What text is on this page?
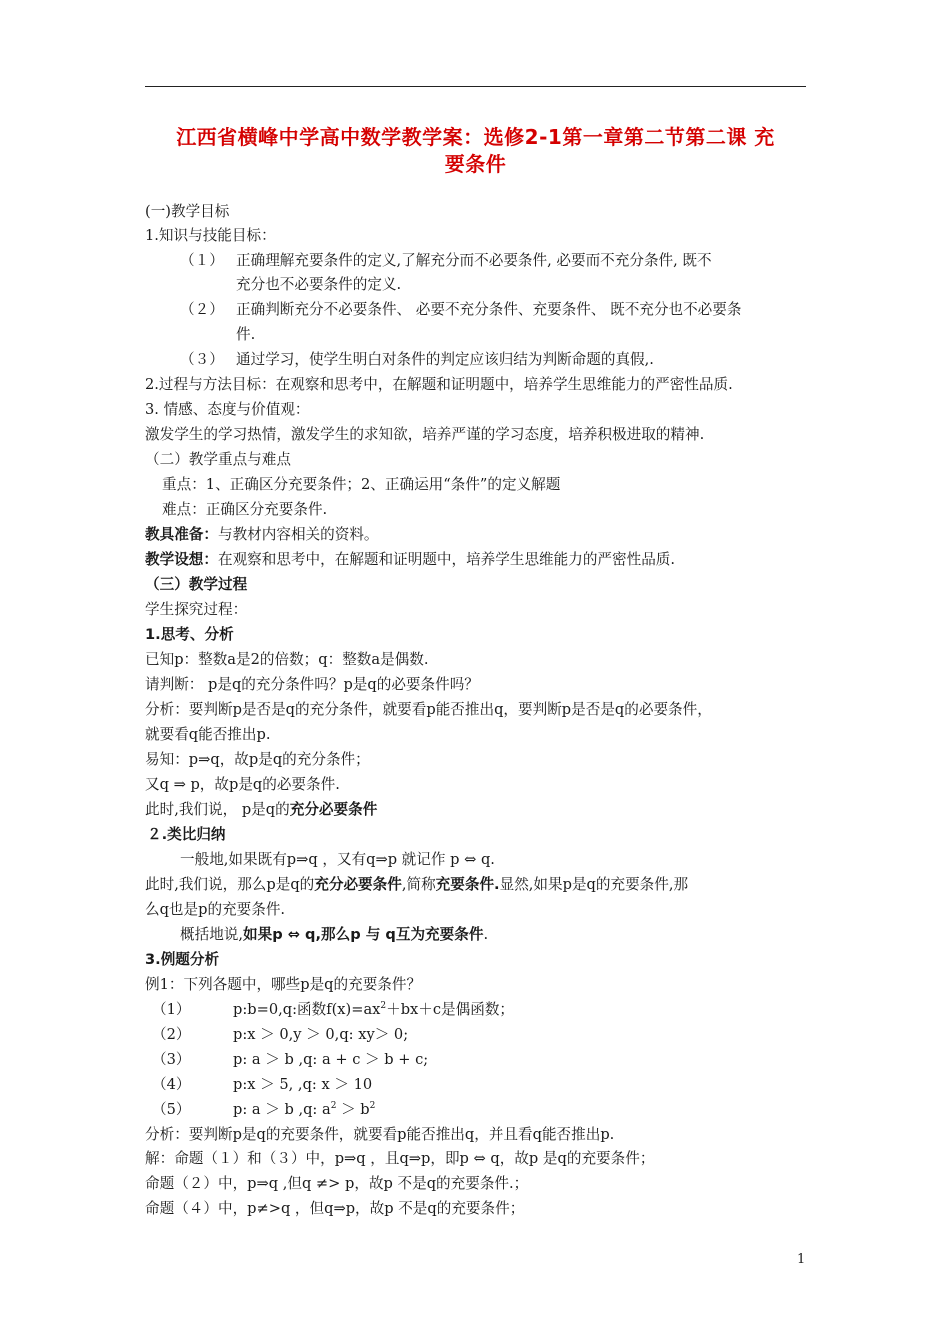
江西省横峰中学高中数学教学案：选修2-1第一章第二节第二课 充
要条件
(一)教学目标
1.知识与技能目标：
（１） 正确理解充要条件的定义,了解充分而不必要条件, 必要而不充分条件, 既不
充分也不必要条件的定义.
（２） 正确判断充分不必要条件、 必要不充分条件、充要条件、 既不充分也不必要条
件.
（３） 通过学习，使学生明白对条件的判定应该归结为判断命题的真假,.
2.过程与方法目标：在观察和思考中，在解题和证明题中，培养学生思维能力的严密性品质.
3. 情感、态度与价值观：
激发学生的学习热情，激发学生的求知欲，培养严谨的学习态度，培养积极进取的精神.
（二）教学重点与难点
重点：1、正确区分充要条件；2、正确运用“条件”的定义解题
难点：正确区分充要条件.
教具准备：与教材内容相关的资料。
教学设想：在观察和思考中，在解题和证明题中，培养学生思维能力的严密性品质.
（三）教学过程
学生探究过程：
1.思考、分析
已知p：整数a是2的倍数；q：整数a是偶数.
请判断： p是q的充分条件吗？p是q的必要条件吗？
分析：要判断p是否是q的充分条件，就要看p能否推出q，要判断p是否是q的必要条件，
就要看q能否推出p.
易知：p⇒q，故p是q的充分条件；
又q ⇒ p，故p是q的必要条件.
此时,我们说， p是q的充分必要条件
２.类比归纳
一般地,如果既有p⇒q ，又有q⇒p 就记作 p ⇔ q.
此时,我们说，那么p是q的充分必要条件,简称充要条件.显然,如果p是q的充要条件,那
么q也是p的充要条件.
概括地说,如果p ⇔ q,那么p 与 q互为充要条件.
3.例题分析
例1：下列各题中，哪些p是q的充要条件？
（1）	p:b=0,q:函数$f(x)=ax^2+bx+c$是偶函数；
（2）	p:x ＞ 0,y ＞ 0,q: xy＞ 0;
（3）	p: a ＞ b ,q: a + c ＞ b + c;
（4）	p:x ＞ 5, ,q: x ＞ 10
（5）	p: a ＞ b ,q: $a^2 > b^2$
分析：要判断p是q的充要条件，就要看p能否推出q，并且看q能否推出p.
解：命题（１）和（３）中，p⇒q ，且q⇒p，即p ⇔ q，故p 是q的充要条件；
命题（２）中，p⇒q ,但q ≠> p，故p 不是q的充要条件.；
命题（４）中，p≠>q ，但q⇒p，故p 不是q的充要条件；
1
